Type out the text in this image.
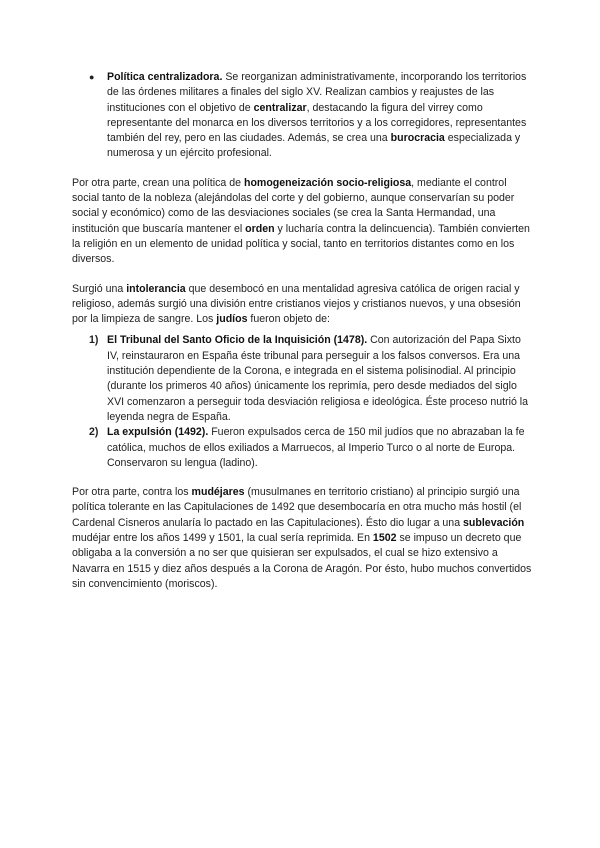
● Política centralizadora. Se reorganizan administrativamente, incorporando los territorios de las órdenes militares a finales del siglo XV. Realizan cambios y reajustes de las instituciones con el objetivo de centralizar, destacando la figura del virrey como representante del monarca en los diversos territorios y a los corregidores, representantes también del rey, pero en las ciudades. Además, se crea una burocracia especializada y numerosa y un ejército profesional.

Por otra parte, crean una política de homogeneización socio-religiosa, mediante el control social tanto de la nobleza (alejándolas del corte y del gobierno, aunque conservarían su poder social y económico) como de las desviaciones sociales (se crea la Santa Hermandad, una institución que buscaría mantener el orden y lucharía contra la delincuencia). También convierten la religión en un elemento de unidad política y social, tanto en territorios distantes como en los diversos.

Surgió una intolerancia que desembocó en una mentalidad agresiva católica de origen racial y religioso, además surgió una división entre cristianos viejos y cristianos nuevos, y una obsesión por la limpieza de sangre. Los judíos fueron objeto de:

1) El Tribunal del Santo Oficio de la Inquisición (1478). Con autorización del Papa Sixto IV, reinstauraron en España éste tribunal para perseguir a los falsos conversos. Era una institución dependiente de la Corona, e integrada en el sistema polisinodial. Al principio (durante los primeros 40 años) únicamente los reprimía, pero desde mediados del siglo XVI comenzaron a perseguir toda desviación religiosa e ideológica. Éste proceso nutrió la leyenda negra de España.
2) La expulsión (1492). Fueron expulsados cerca de 150 mil judíos que no abrazaban la fe católica, muchos de ellos exiliados a Marruecos, al Imperio Turco o al norte de Europa. Conservaron su lengua (ladino).

Por otra parte, contra los mudéjares (musulmanes en territorio cristiano) al principio surgió una política tolerante en las Capitulaciones de 1492 que desembocaría en otra mucho más hostil (el Cardenal Cisneros anularía lo pactado en las Capitulaciones). Ésto dio lugar a una sublevación mudéjar entre los años 1499 y 1501, la cual sería reprimida. En 1502 se impuso un decreto que obligaba a la conversión a no ser que quisieran ser expulsados, el cual se hizo extensivo a Navarra en 1515 y diez años después a la Corona de Aragón. Por ésto, hubo muchos convertidos sin convencimiento (moriscos).
